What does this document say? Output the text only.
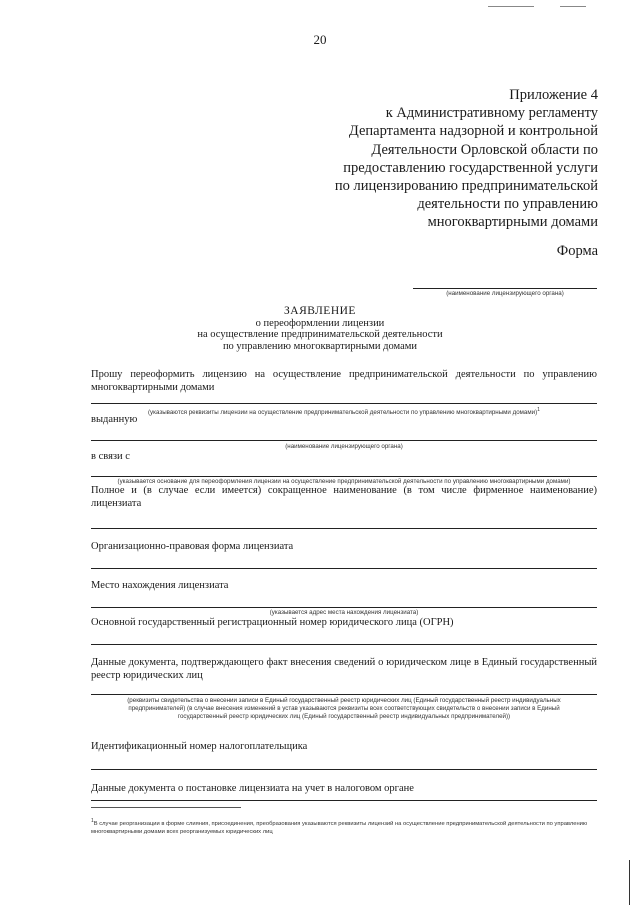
20
Приложение 4
к Административному регламенту
Департамента надзорной и контрольной
Деятельности Орловской области по
предоставлению государственной услуги
по лицензированию предпринимательской
деятельности по управлению
многоквартирными домами
Форма
(наименование лицензирующего органа)
ЗАЯВЛЕНИЕ
о переоформлении лицензии
на осуществление предпринимательской деятельности
по управлению многоквартирными домами
Прошу переоформить лицензию на осуществление предпринимательской деятельности по управлению многоквартирными домами
(указываются реквизиты лицензии на осуществление предпринимательской деятельности по управлению многоквартирными домами)$^1$
выданную
(наименование лицензирующего органа)
в связи с
(указывается основание для переоформления лицензии на осуществление предпринимательской деятельности по управлению многоквартирными домами)
Полное и (в случае если имеется) сокращенное наименование (в том числе фирменное наименование) лицензиата
Организационно-правовая форма лицензиата
Место нахождения лицензиата
(указывается адрес места нахождения лицензиата)
Основной государственный регистрационный номер юридического лица (ОГРН)
Данные документа, подтверждающего факт внесения сведений о юридическом лице в Единый государственный реестр юридических лиц
(реквизиты свидетельства о внесении записи в Единый государственный реестр юридических лиц (Единый государственный реестр индивидуальных
предпринимателей) (в случае внесения изменений в устав указываются реквизиты всех соответствующих свидетельств о внесении записи в Единый
государственный реестр юридических лиц (Единый государственный реестр индивидуальных предпринимателей))
Идентификационный номер налогоплательщика
Данные документа о постановке лицензиата на учет в налоговом органе
$^1$В случае реорганизации в форме слияния, присоединения, преобразования указываются реквизиты лицензий на осуществление предпринимательской деятельности по управлению многоквартирными домами всех реорганизуемых юридических лиц
